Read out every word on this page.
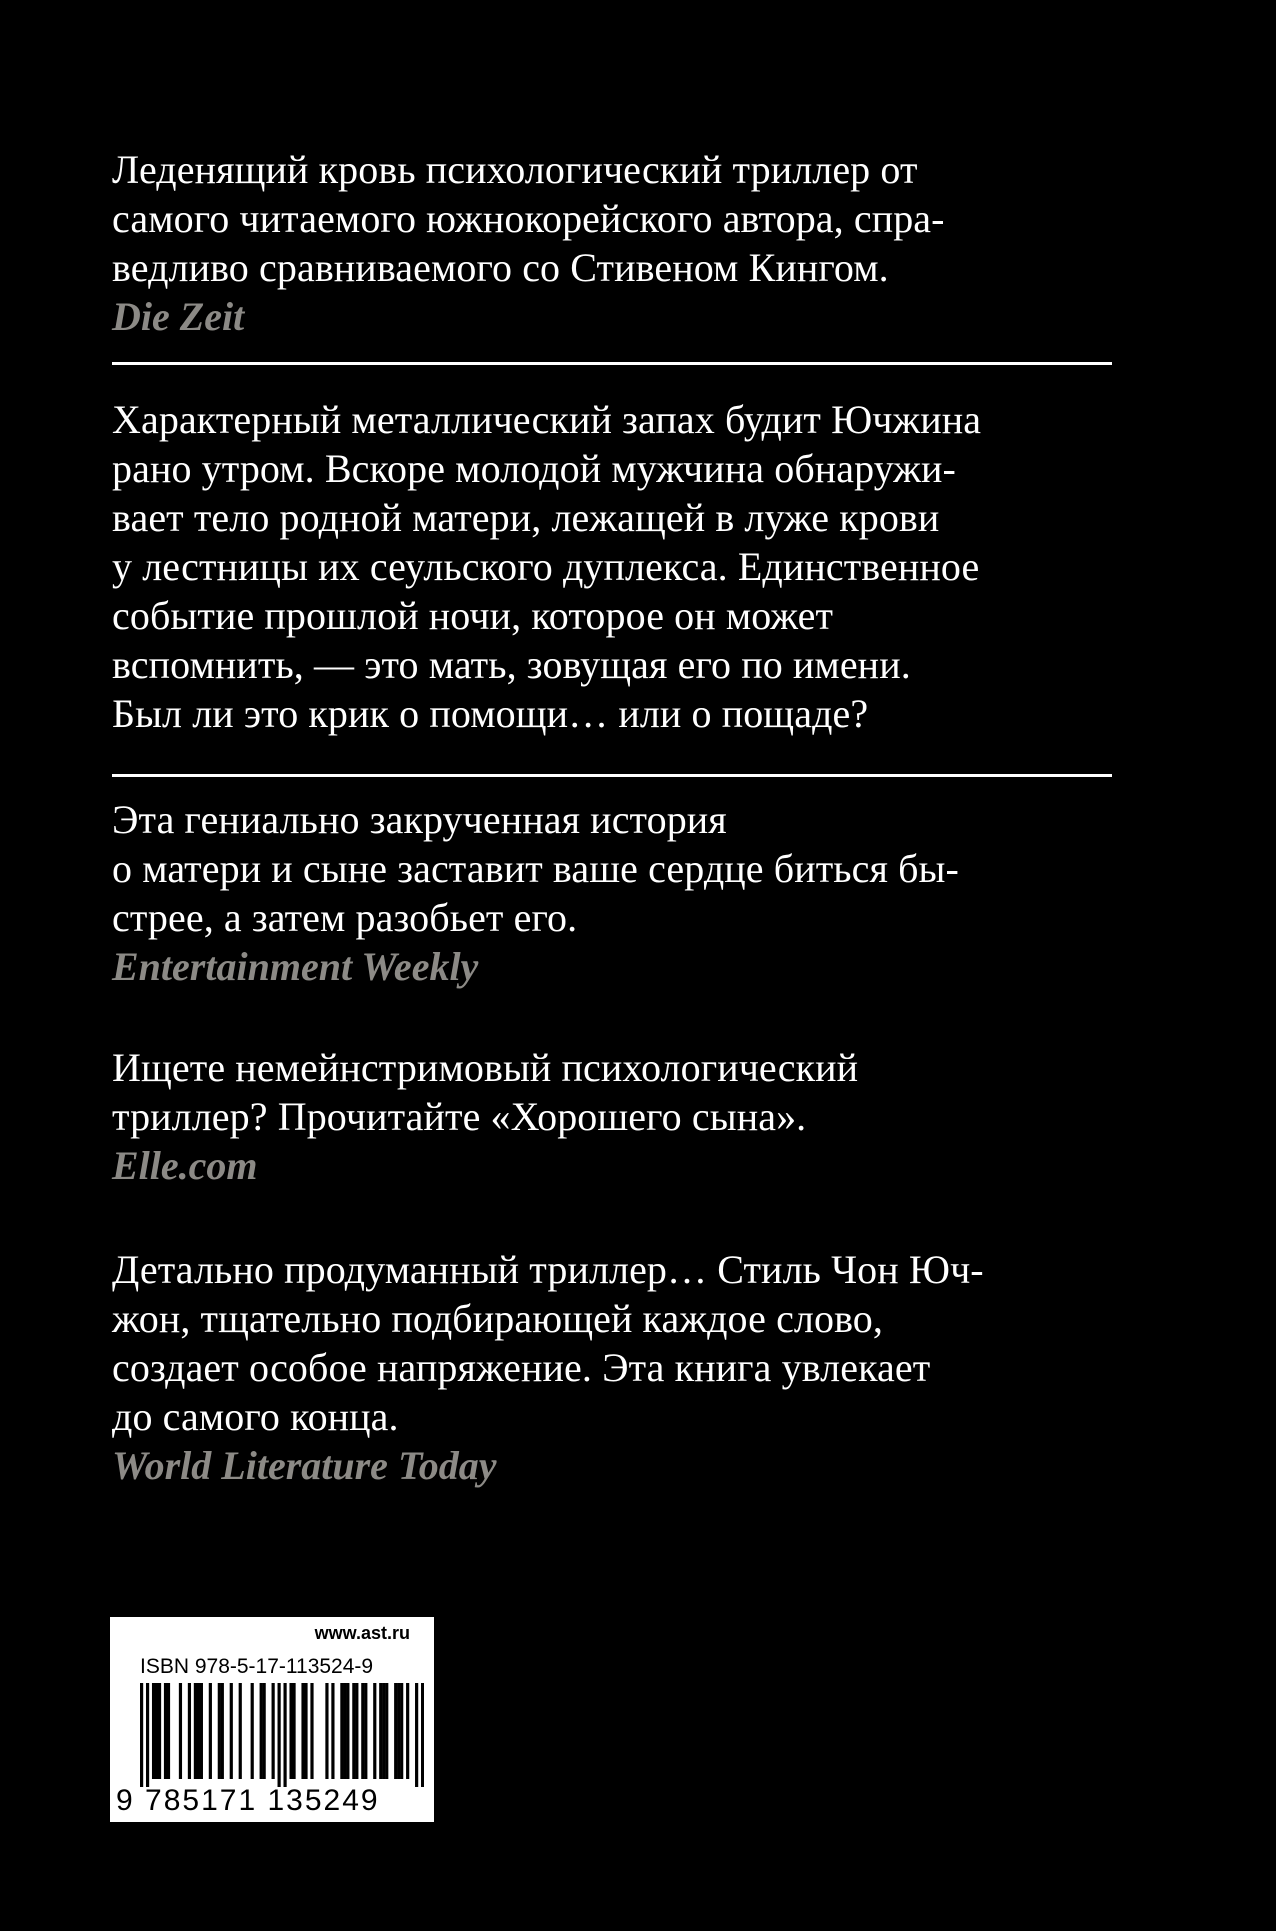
Леденящий кровь психологический триллер от
самого читаемого южнокорейского автора, спра-
ведливо сравниваемого со Стивеном Кингом.
Die Zeit
Характерный металлический запах будит Ючжина
рано утром. Вскоре молодой мужчина обнаружи-
вает тело родной матери, лежащей в луже крови
у лестницы их сеульского дуплекса. Единственное
событие прошлой ночи, которое он может
вспомнить, — это мать, зовущая его по имени.
Был ли это крик о помощи… или о пощаде?
Эта гениально закрученная история
о матери и сыне заставит ваше сердце биться бы-
стрее, а затем разобьет его.
Entertainment Weekly
Ищете немейнстримовый психологический
триллер? Прочитайте «Хорошего сына».
Elle.com
Детально продуманный триллер… Стиль Чон Юч-
жон, тщательно подбирающей каждое слово,
создает особое напряжение. Эта книга увлекает
до самого конца.
World Literature Today
www.ast.ru
ISBN 978-5-17-113524-9
9 785171 135249
